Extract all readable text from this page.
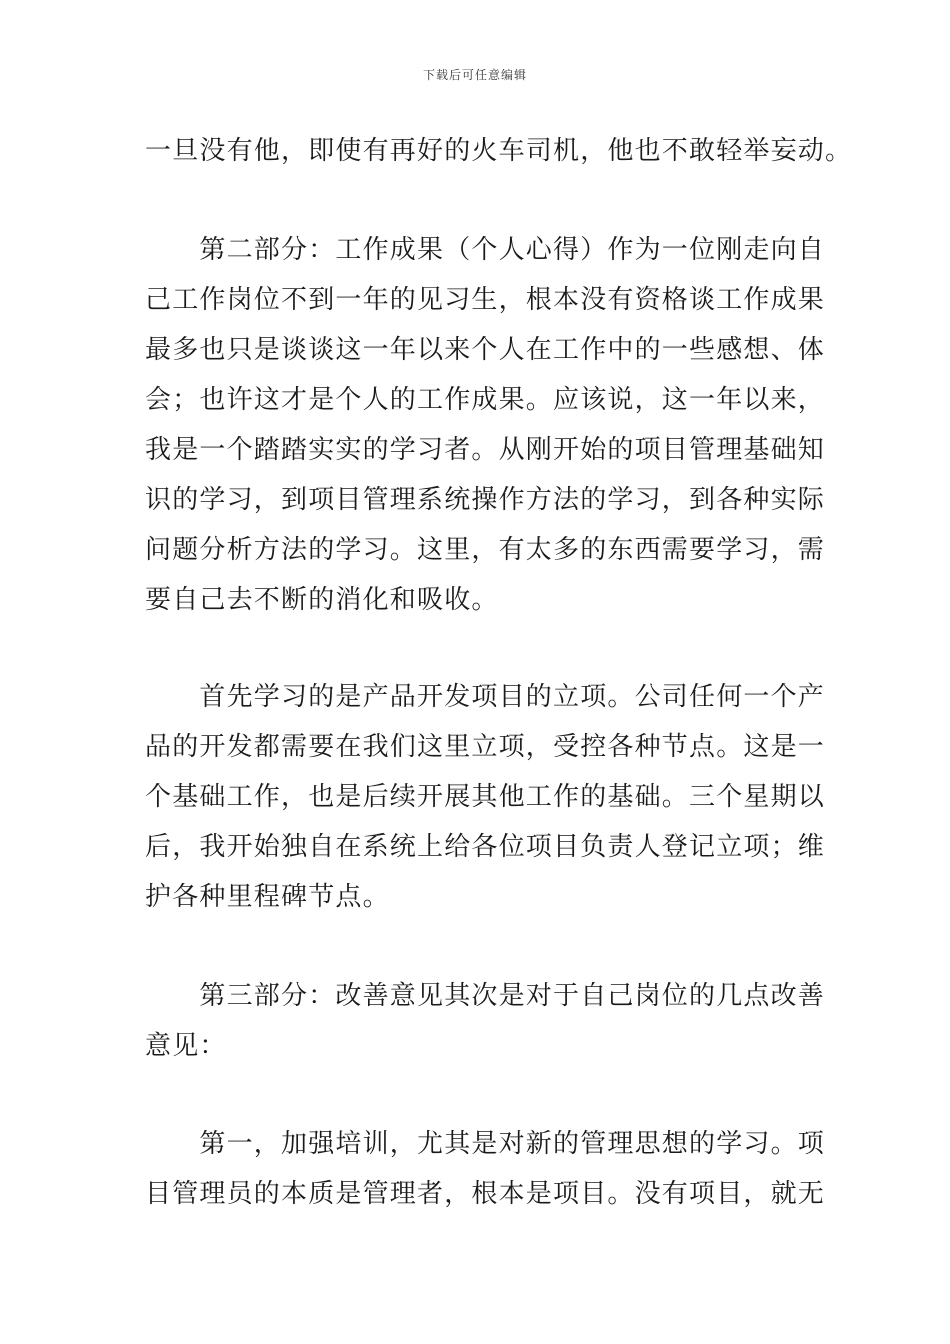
下载后可任意编辑
一旦没有他，即使有再好的火车司机，他也不敢轻举妄动。
　　第二部分：工作成果（个人心得）作为一位刚走向自
己工作岗位不到一年的见习生，根本没有资格谈工作成果
最多也只是谈谈这一年以来个人在工作中的一些感想、体
会；也许这才是个人的工作成果。应该说，这一年以来，
我是一个踏踏实实的学习者。从刚开始的项目管理基础知
识的学习，到项目管理系统操作方法的学习，到各种实际
问题分析方法的学习。这里，有太多的东西需要学习，需
要自己去不断的消化和吸收。
　　首先学习的是产品开发项目的立项。公司任何一个产
品的开发都需要在我们这里立项，受控各种节点。这是一
个基础工作，也是后续开展其他工作的基础。三个星期以
后，我开始独自在系统上给各位项目负责人登记立项；维
护各种里程碑节点。
　　第三部分：改善意见其次是对于自己岗位的几点改善
意见：
　　第一，加强培训，尤其是对新的管理思想的学习。项
目管理员的本质是管理者，根本是项目。没有项目，就无
